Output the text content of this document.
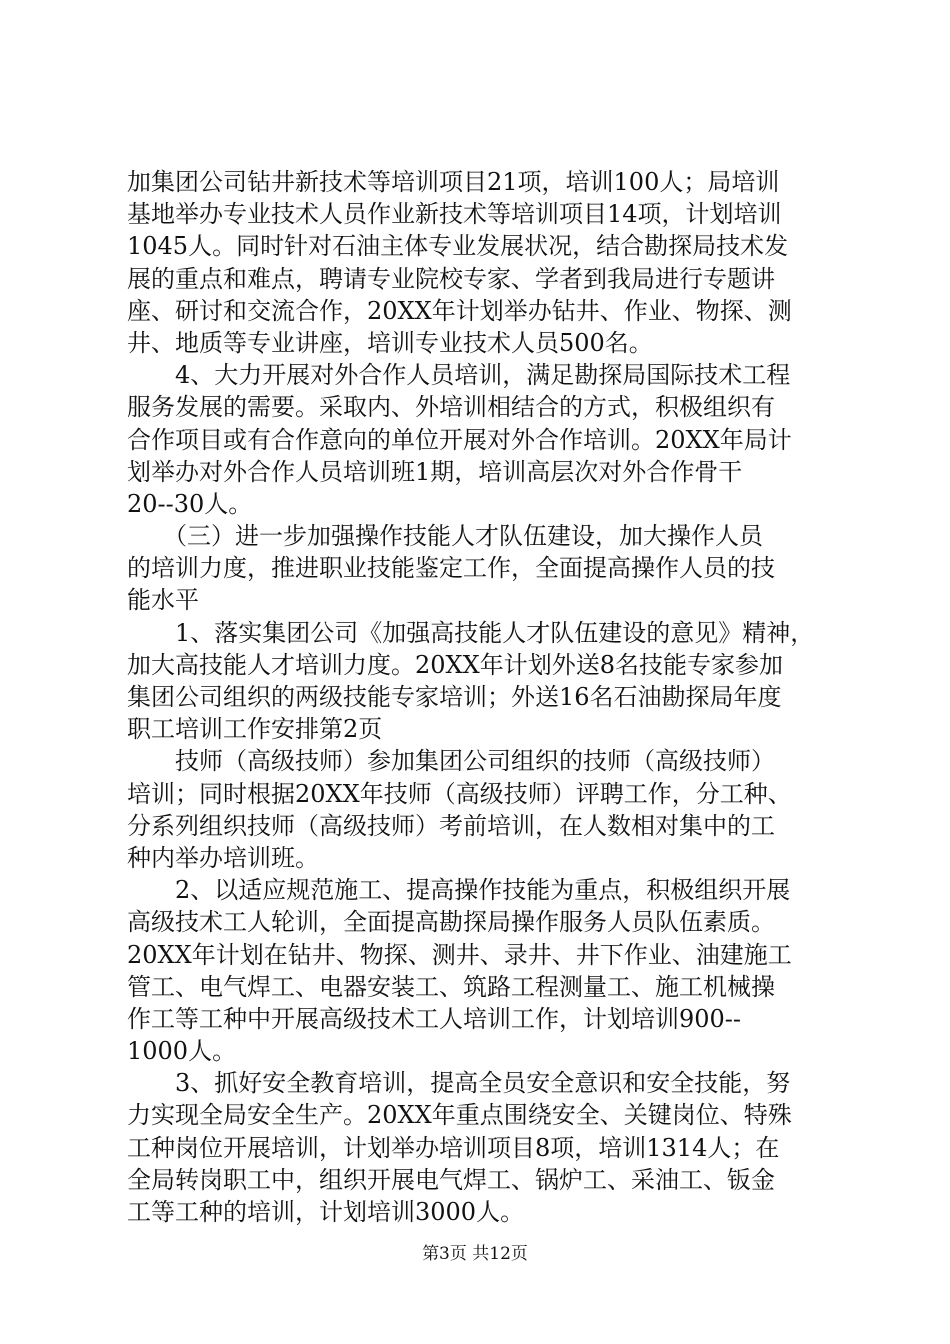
加集团公司钻井新技术等培训项目21项，培训100人；局培训
基地举办专业技术人员作业新技术等培训项目14项，计划培训
1045人。同时针对石油主体专业发展状况，结合勘探局技术发
展的重点和难点，聘请专业院校专家、学者到我局进行专题讲
座、研讨和交流合作，20XX年计划举办钻井、作业、物探、测
井、地质等专业讲座，培训专业技术人员500名。
　　4、大力开展对外合作人员培训，满足勘探局国际技术工程
服务发展的需要。采取内、外培训相结合的方式，积极组织有
合作项目或有合作意向的单位开展对外合作培训。20XX年局计
划举办对外合作人员培训班1期，培训高层次对外合作骨干
20--30人。
　　（三）进一步加强操作技能人才队伍建设，加大操作人员
的培训力度，推进职业技能鉴定工作，全面提高操作人员的技
能水平
　　1、落实集团公司《加强高技能人才队伍建设的意见》精神，
加大高技能人才培训力度。20XX年计划外送8名技能专家参加
集团公司组织的两级技能专家培训；外送16名石油勘探局年度
职工培训工作安排第2页
　　技师（高级技师）参加集团公司组织的技师（高级技师）
培训；同时根据20XX年技师（高级技师）评聘工作，分工种、
分系列组织技师（高级技师）考前培训，在人数相对集中的工
种内举办培训班。
　　2、以适应规范施工、提高操作技能为重点，积极组织开展
高级技术工人轮训，全面提高勘探局操作服务人员队伍素质。
20XX年计划在钻井、物探、测井、录井、井下作业、油建施工
管工、电气焊工、电器安装工、筑路工程测量工、施工机械操
作工等工种中开展高级技术工人培训工作，计划培训900--
1000人。
　　3、抓好安全教育培训，提高全员安全意识和安全技能，努
力实现全局安全生产。20XX年重点围绕安全、关键岗位、特殊
工种岗位开展培训，计划举办培训项目8项，培训1314人；在
全局转岗职工中，组织开展电气焊工、锅炉工、采油工、钣金
工等工种的培训，计划培训3000人。
第3页 共12页
